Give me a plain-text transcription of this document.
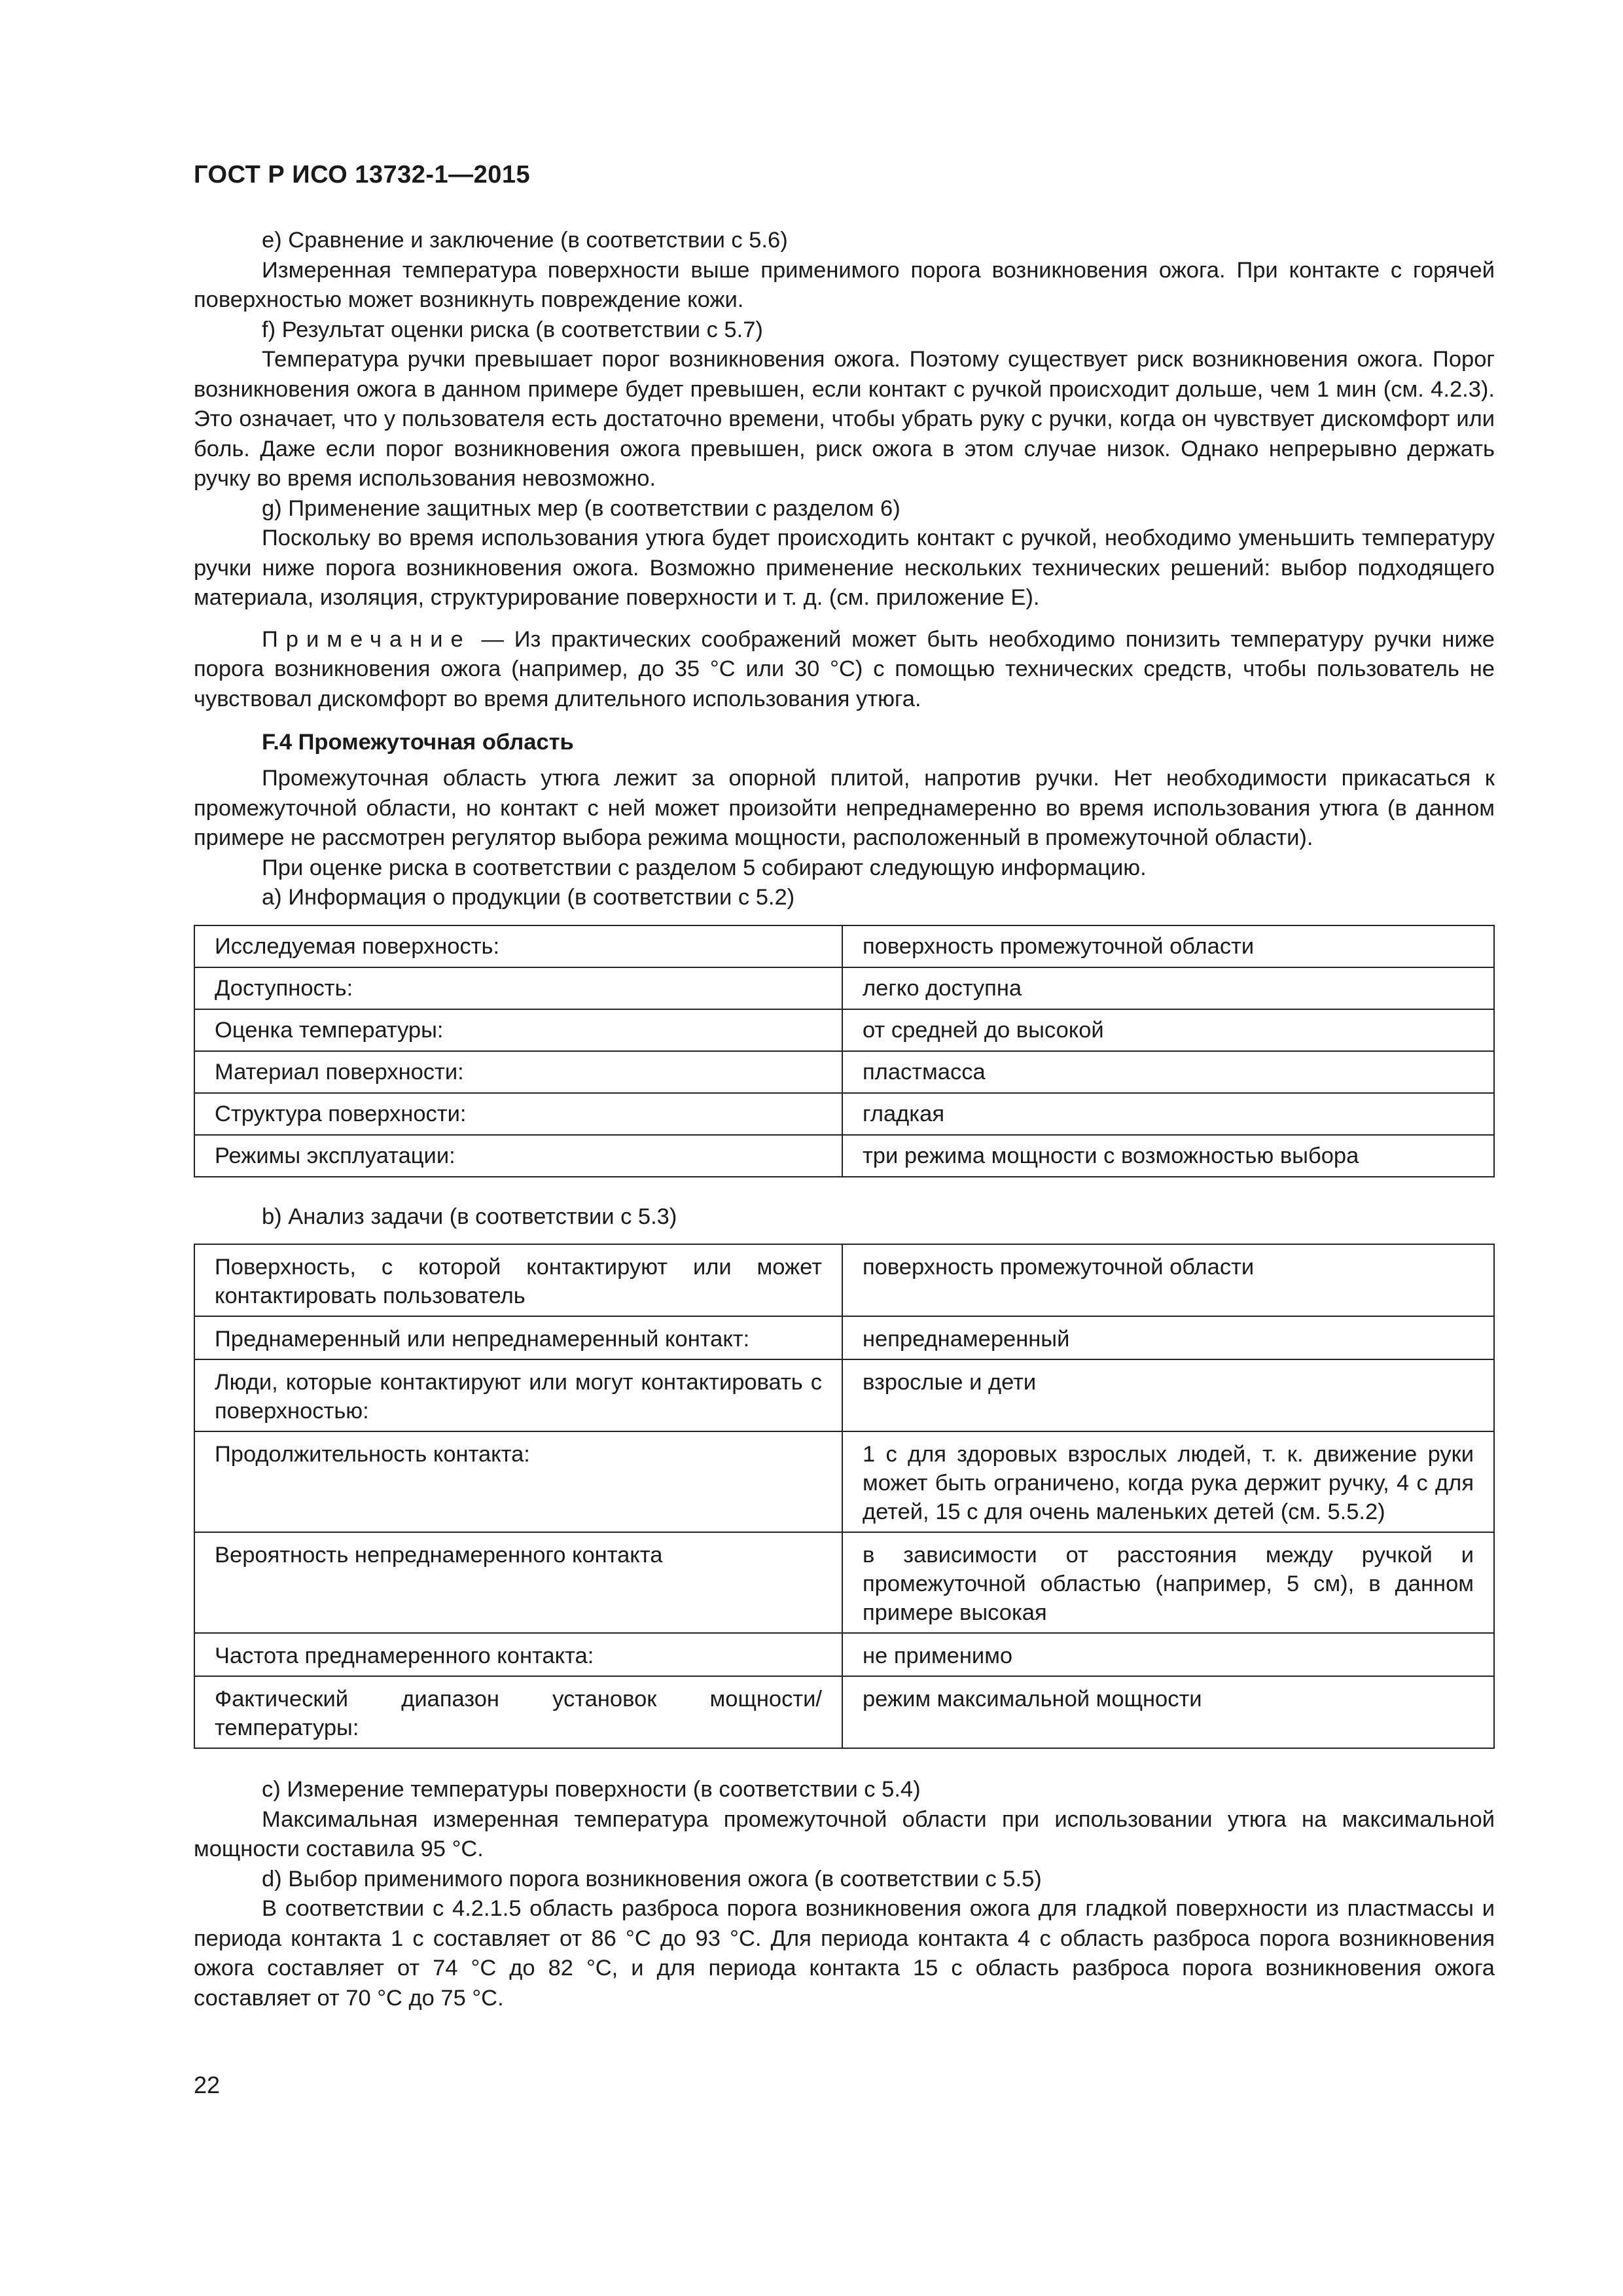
ГОСТ Р ИСО 13732-1—2015

e) Сравнение и заключение (в соответствии с 5.6)

Измеренная температура поверхности выше применимого порога возникновения ожога. При контакте с горячей поверхностью может возникнуть повреждение кожи.

f) Результат оценки риска (в соответствии с 5.7)

Температура ручки превышает порог возникновения ожога. Поэтому существует риск возникновения ожога. Порог возникновения ожога в данном примере будет превышен, если контакт с ручкой происходит дольше, чем 1 мин (см. 4.2.3). Это означает, что у пользователя есть достаточно времени, чтобы убрать руку с ручки, когда он чувствует дискомфорт или боль. Даже если порог возникновения ожога превышен, риск ожога в этом случае низок. Однако непрерывно держать ручку во время использования невозможно.

g) Применение защитных мер (в соответствии с разделом 6)

Поскольку во время использования утюга будет происходить контакт с ручкой, необходимо уменьшить температуру ручки ниже порога возникновения ожога. Возможно применение нескольких технических решений: выбор подходящего материала, изоляция, структурирование поверхности и т. д. (см. приложение E).

Примечание — Из практических соображений может быть необходимо понизить температуру ручки ниже порога возникновения ожога (например, до 35 °C или 30 °C) с помощью технических средств, чтобы пользователь не чувствовал дискомфорт во время длительного использования утюга.

F.4 Промежуточная область

Промежуточная область утюга лежит за опорной плитой, напротив ручки. Нет необходимости прикасаться к промежуточной области, но контакт с ней может произойти непреднамеренно во время использования утюга (в данном примере не рассмотрен регулятор выбора режима мощности, расположенный в промежуточной области).

При оценке риска в соответствии с разделом 5 собирают следующую информацию.

a) Информация о продукции (в соответствии с 5.2)

Исследуемая поверхность:	поверхность промежуточной области
Доступность:	легко доступна
Оценка температуры:	от средней до высокой
Материал поверхности:	пластмасса
Структура поверхности:	гладкая
Режимы эксплуатации:	три режима мощности с возможностью выбора

b) Анализ задачи (в соответствии с 5.3)

Поверхность, с которой контактируют или может контактировать пользователь	поверхность промежуточной области
Преднамеренный или непреднамеренный контакт:	непреднамеренный
Люди, которые контактируют или могут контактировать с поверхностью:	взрослые и дети
Продолжительность контакта:	1 с для здоровых взрослых людей, т. к. движение руки может быть ограничено, когда рука держит ручку, 4 с для детей, 15 с для очень маленьких детей (см. 5.5.2)
Вероятность непреднамеренного контакта	в зависимости от расстояния между ручкой и промежуточной областью (например, 5 см), в данном примере высокая
Частота преднамеренного контакта:	не применимо
Фактический диапазон установок мощности/температуры:	режим максимальной мощности

c) Измерение температуры поверхности (в соответствии с 5.4)

Максимальная измеренная температура промежуточной области при использовании утюга на максимальной мощности составила 95 °C.

d) Выбор применимого порога возникновения ожога (в соответствии с 5.5)

В соответствии с 4.2.1.5 область разброса порога возникновения ожога для гладкой поверхности из пластмассы и периода контакта 1 с составляет от 86 °C до 93 °C. Для периода контакта 4 с область разброса порога возникновения ожога составляет от 74 °C до 82 °C, и для периода контакта 15 с область разброса порога возникновения ожога составляет от 70 °C до 75 °C.

22
